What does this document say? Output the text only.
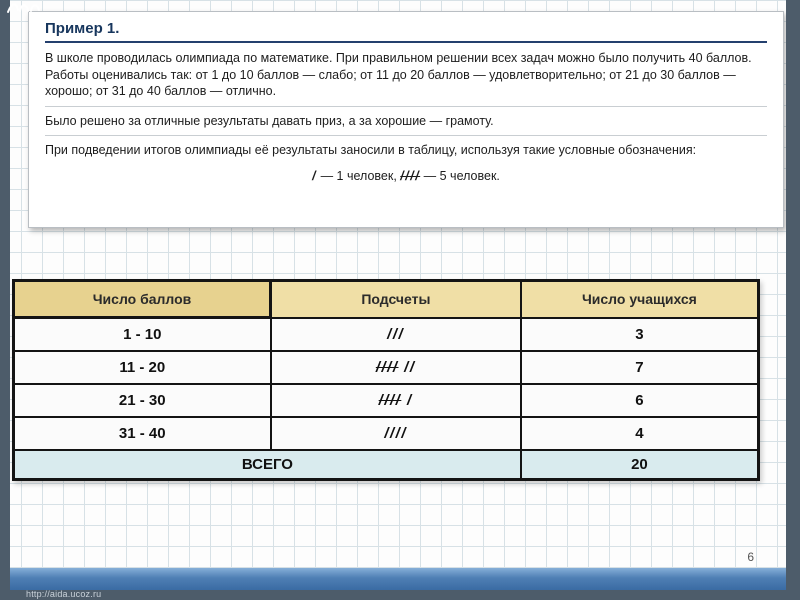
Пример 1.

В школе проводилась олимпиада по математике. При правильном решении всех задач можно было получить 40 баллов. Работы оценивались так: от 1 до 10 баллов — слабо; от 11 до 20 баллов — удовлетворительно; от 21 до 30 баллов — хорошо; от 31 до 40 баллов — отлично.

Было решено за отличные результаты давать приз, а за хорошие — грамоту.

При подведении итогов олимпиады её результаты заносили в таблицу, используя такие условные обозначения:

/ — 1 человек, //// — 5 человек.
Число баллов	Подсчеты	Число учащихся
1 - 10	///	3
11 - 20	//// //	7
21 - 30	//// /	6
31 - 40	////	4
ВСЕГО		20
6
http://aida.ucoz.ru
